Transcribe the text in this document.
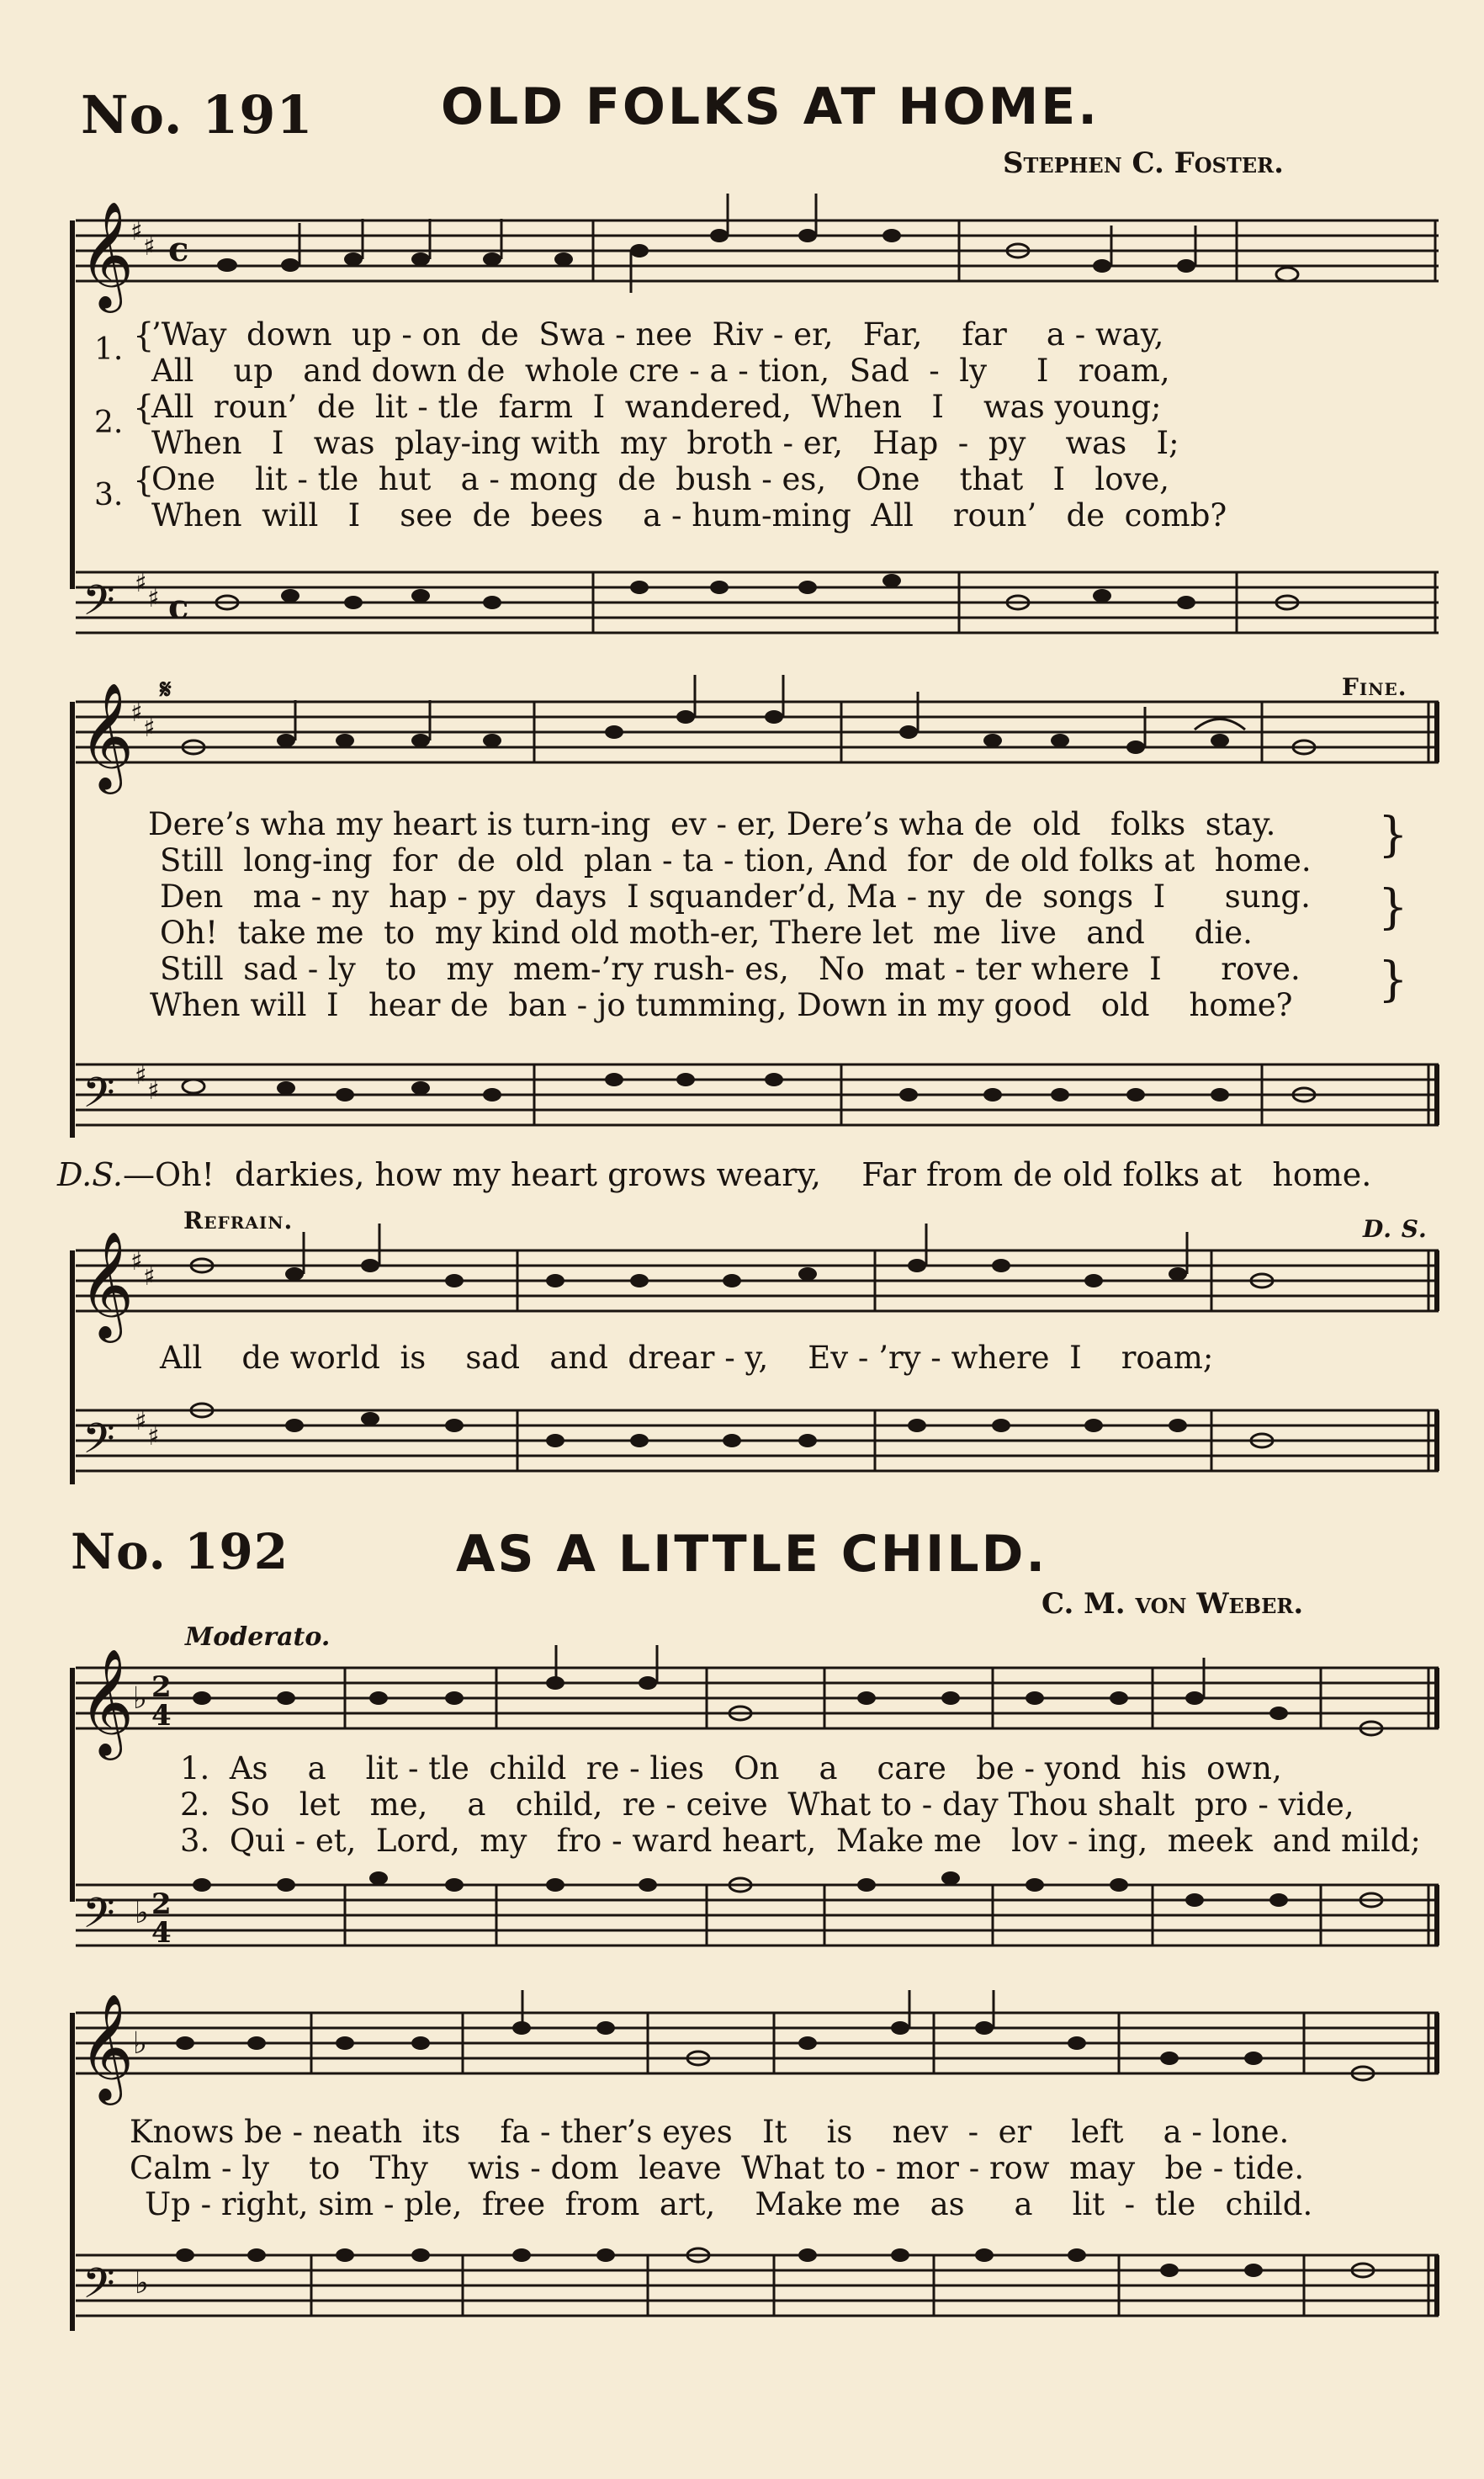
No. 191	OLD FOLKS AT HOME.
Stephen C. Foster.
𝄞
♯
♯ c
1. {
’Way  down  up - on  de  Swa - nee  Riv - er,   Far,    far    a - way,
All    up   and down de  whole cre - a - tion,  Sad  -  ly     I   roam,
2. {
All  roun’  de  lit - tle  farm  I  wandered,  When   I    was young;
When   I   was  play-ing with  my  broth - er,   Hap  -  py    was   I;
3. {
One    lit - tle  hut   a - mong  de  bush - es,   One    that   I   love,
When  will   I    see  de  bees    a - hum-ming  All    roun’   de  comb?
𝄢 ♯
♯ c
𝄋	Fine.
𝄞
♯
♯
Dere’s wha my heart is turn-ing  ev - er, Dere’s wha de  old   folks  stay.
Still  long-ing  for  de  old  plan - ta - tion, And  for  de old folks at  home. }
Den   ma - ny  hap - py  days  I squander’d, Ma - ny  de  songs  I      sung.
Oh!  take me  to  my kind old moth-er, There let  me  live   and     die.	}
Still  sad - ly   to   my  mem-’ry rush- es,   No  mat - ter where  I      rove.
When will  I   hear de  ban - jo tumming, Down in my good   old    home? }
𝄢 ♯
♯
D.S.—Oh!  darkies, how my heart grows weary,    Far from de old folks at   home.
Refrain.	D. S.
𝄞
♯
♯
All    de world  is    sad   and  drear - y,    Ev - ’ry - where  I    roam;
𝄢 ♯
♯
No. 192	AS A LITTLE CHILD.
C. M. von Weber.
Moderato.
𝄞
♭ 2
4
1.  As    a    lit - tle  child  re - lies   On    a    care   be - yond  his  own,
2.  So   let   me,    a   child,  re - ceive  What to - day Thou shalt  pro - vide,
3.  Qui - et,  Lord,  my   fro - ward heart,  Make me   lov - ing,  meek  and mild;
𝄢 ♭ 2
4
𝄞
♭
Knows be - neath  its    fa - ther’s eyes   It    is    nev  -  er    left    a - lone.
Calm - ly    to   Thy    wis - dom  leave  What to - mor - row  may   be - tide.
Up - right, sim - ple,  free  from  art,    Make me   as     a    lit  -  tle   child.
𝄢 ♭
